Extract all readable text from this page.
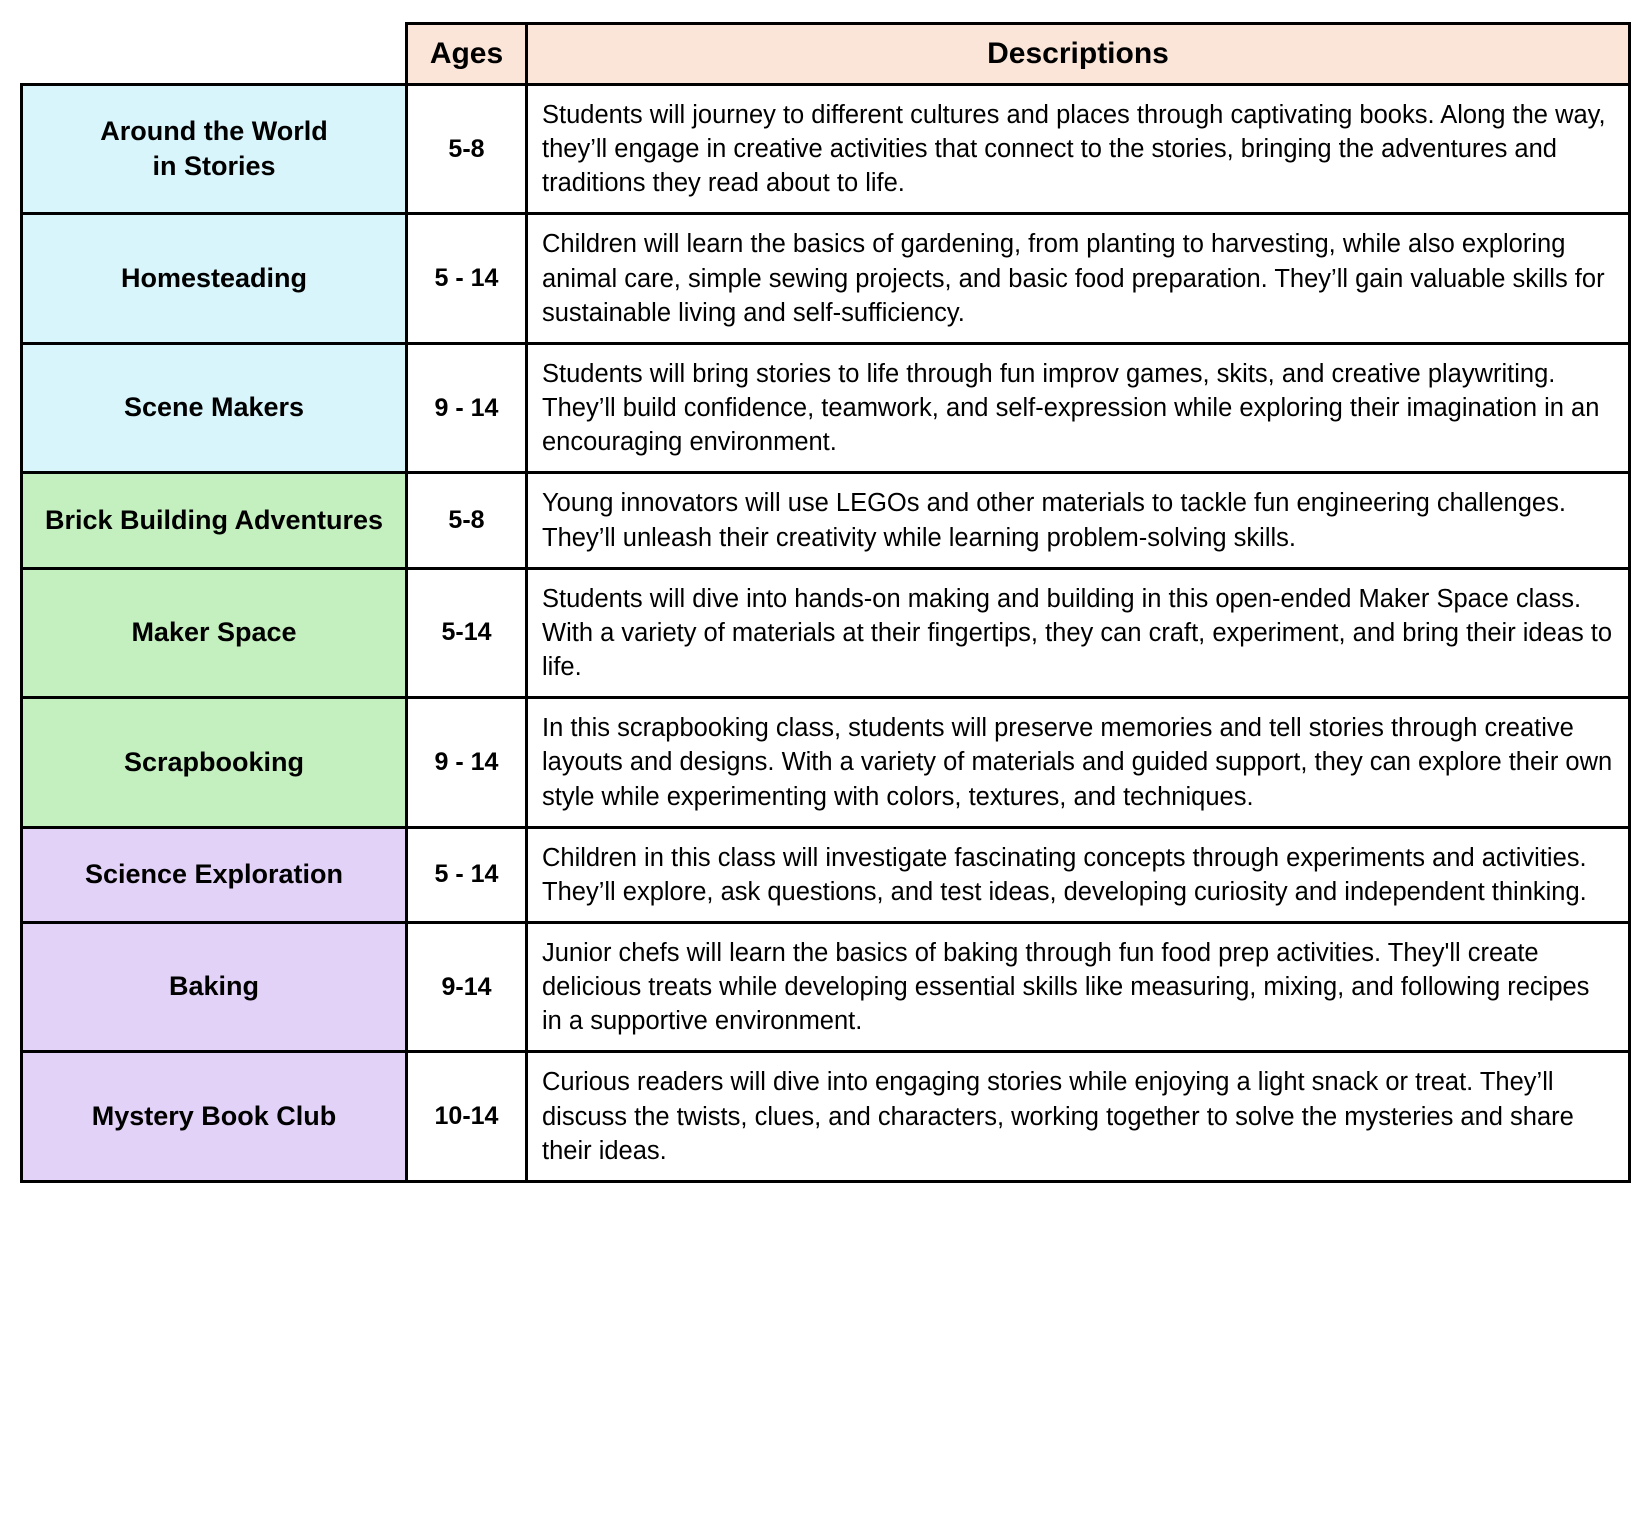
	Ages	Descriptions
Around the World
in Stories	5-8	Students will journey to different cultures and places through captivating books. Along the way, they’ll engage in creative activities that connect to the stories, bringing the adventures and traditions they read about to life.
Homesteading	5 - 14	Children will learn the basics of gardening, from planting to harvesting, while also exploring animal care, simple sewing projects, and basic food preparation. They’ll gain valuable skills for sustainable living and self-sufficiency.
Scene Makers	9 - 14	Students will bring stories to life through fun improv games, skits, and creative playwriting. They’ll build confidence, teamwork, and self-expression while exploring their imagination in an encouraging environment.
Brick Building Adventures	5-8	Young innovators will use LEGOs and other materials to tackle fun engineering challenges. They’ll unleash their creativity while learning problem-solving skills.
Maker Space	5-14	Students will dive into hands-on making and building in this open-ended Maker Space class. With a variety of materials at their fingertips, they can craft, experiment, and bring their ideas to life.
Scrapbooking	9 - 14	In this scrapbooking class, students will preserve memories and tell stories through creative layouts and designs. With a variety of materials and guided support, they can explore their own style while experimenting with colors, textures, and techniques.
Science Exploration	5 - 14	Children in this class will investigate fascinating concepts through experiments and activities. They’ll explore, ask questions, and test ideas, developing curiosity and independent thinking.
Baking	9-14	Junior chefs will learn the basics of baking through fun food prep activities. They'll create delicious treats while developing essential skills like measuring, mixing, and following recipes in a supportive environment.
Mystery Book Club	10-14	Curious readers will dive into engaging stories while enjoying a light snack or treat. They’ll discuss the twists, clues, and characters, working together to solve the mysteries and share their ideas.
